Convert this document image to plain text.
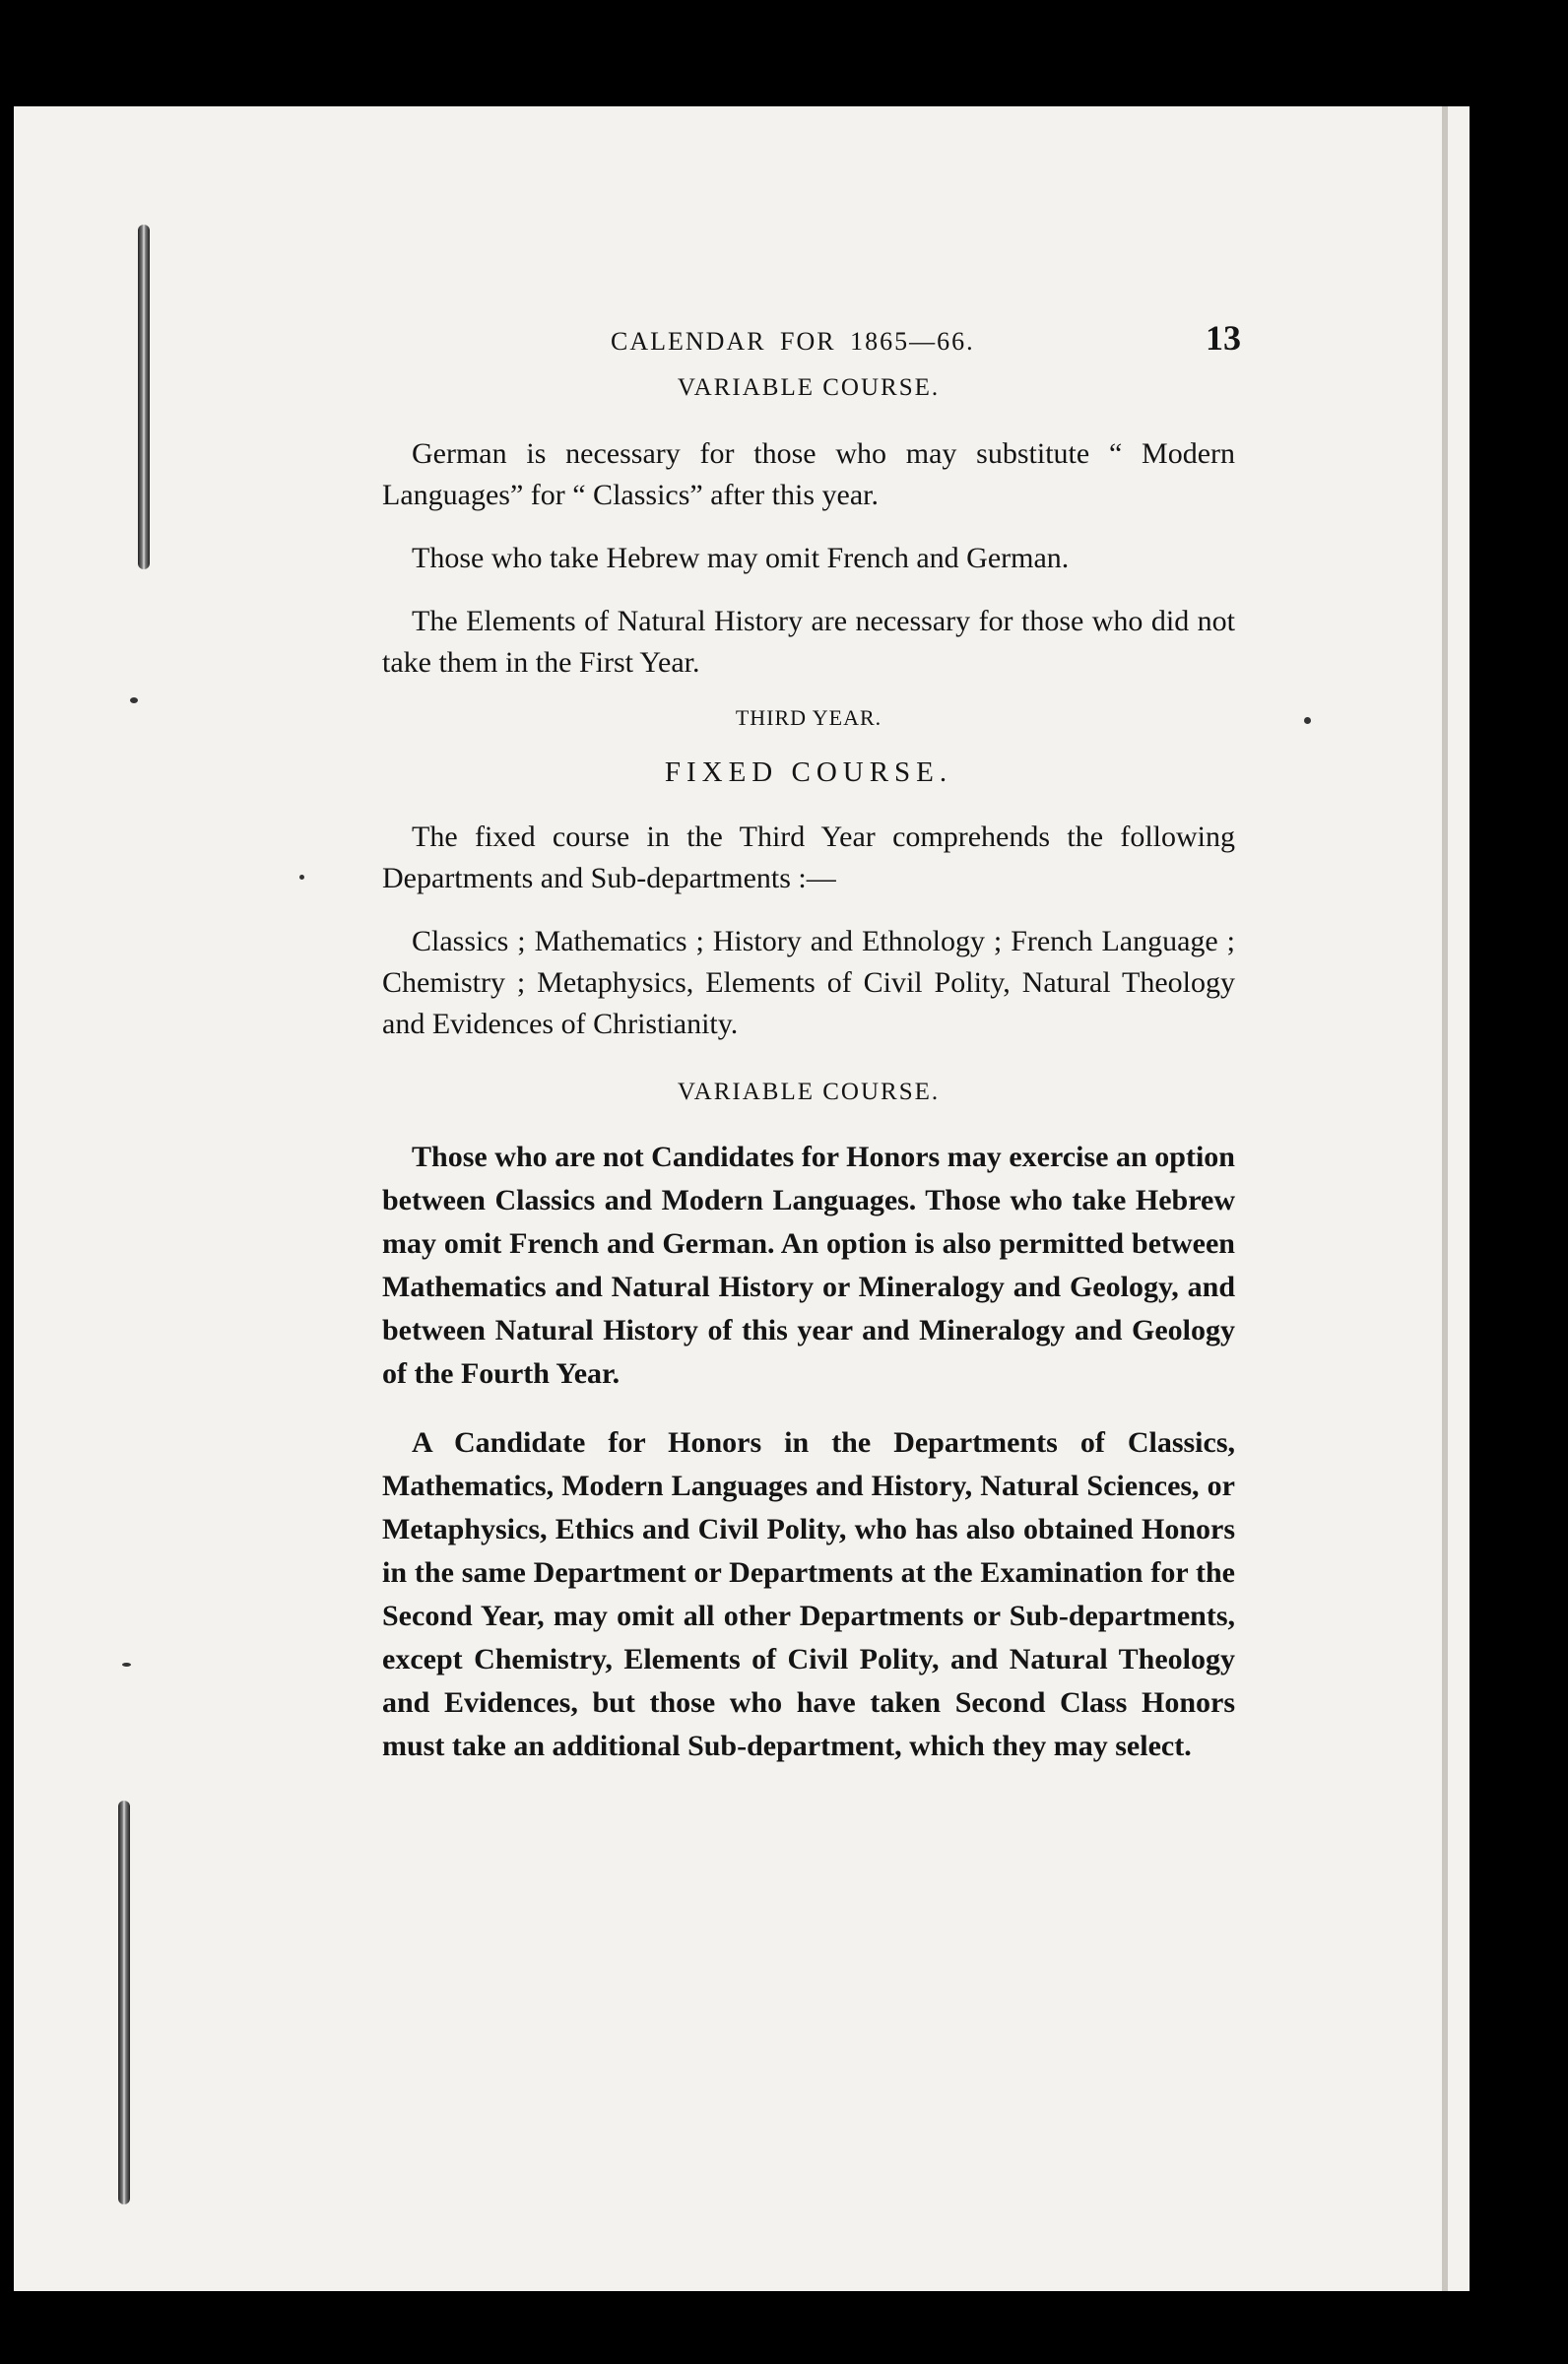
CALENDAR FOR 1865—66.	13
VARIABLE COURSE.

German is necessary for those who may substitute “ Modern Languages” for “ Classics” after this year.

Those who take Hebrew may omit French and German.

The Elements of Natural History are necessary for those who did not take them in the First Year.

THIRD YEAR.
FIXED COURSE.

The fixed course in the Third Year comprehends the following Departments and Sub-departments :—

Classics ; Mathematics ; History and Ethnology ; French Language ; Chemistry ; Metaphysics, Elements of Civil Polity, Natural Theology and Evidences of Christianity.

VARIABLE COURSE.

Those who are not Candidates for Honors may exercise an option between Classics and Modern Languages. Those who take Hebrew may omit French and German. An option is also permitted between Mathematics and Natural History or Mineralogy and Geology, and between Natural History of this year and Mineralogy and Geology of the Fourth Year.

A Candidate for Honors in the Departments of Classics, Mathematics, Modern Languages and History, Natural Sciences, or Metaphysics, Ethics and Civil Polity, who has also obtained Honors in the same Department or Departments at the Examination for the Second Year, may omit all other Departments or Sub-departments, except Chemistry, Elements of Civil Polity, and Natural Theology and Evidences, but those who have taken Second Class Honors must take an additional Sub-department, which they may select.
